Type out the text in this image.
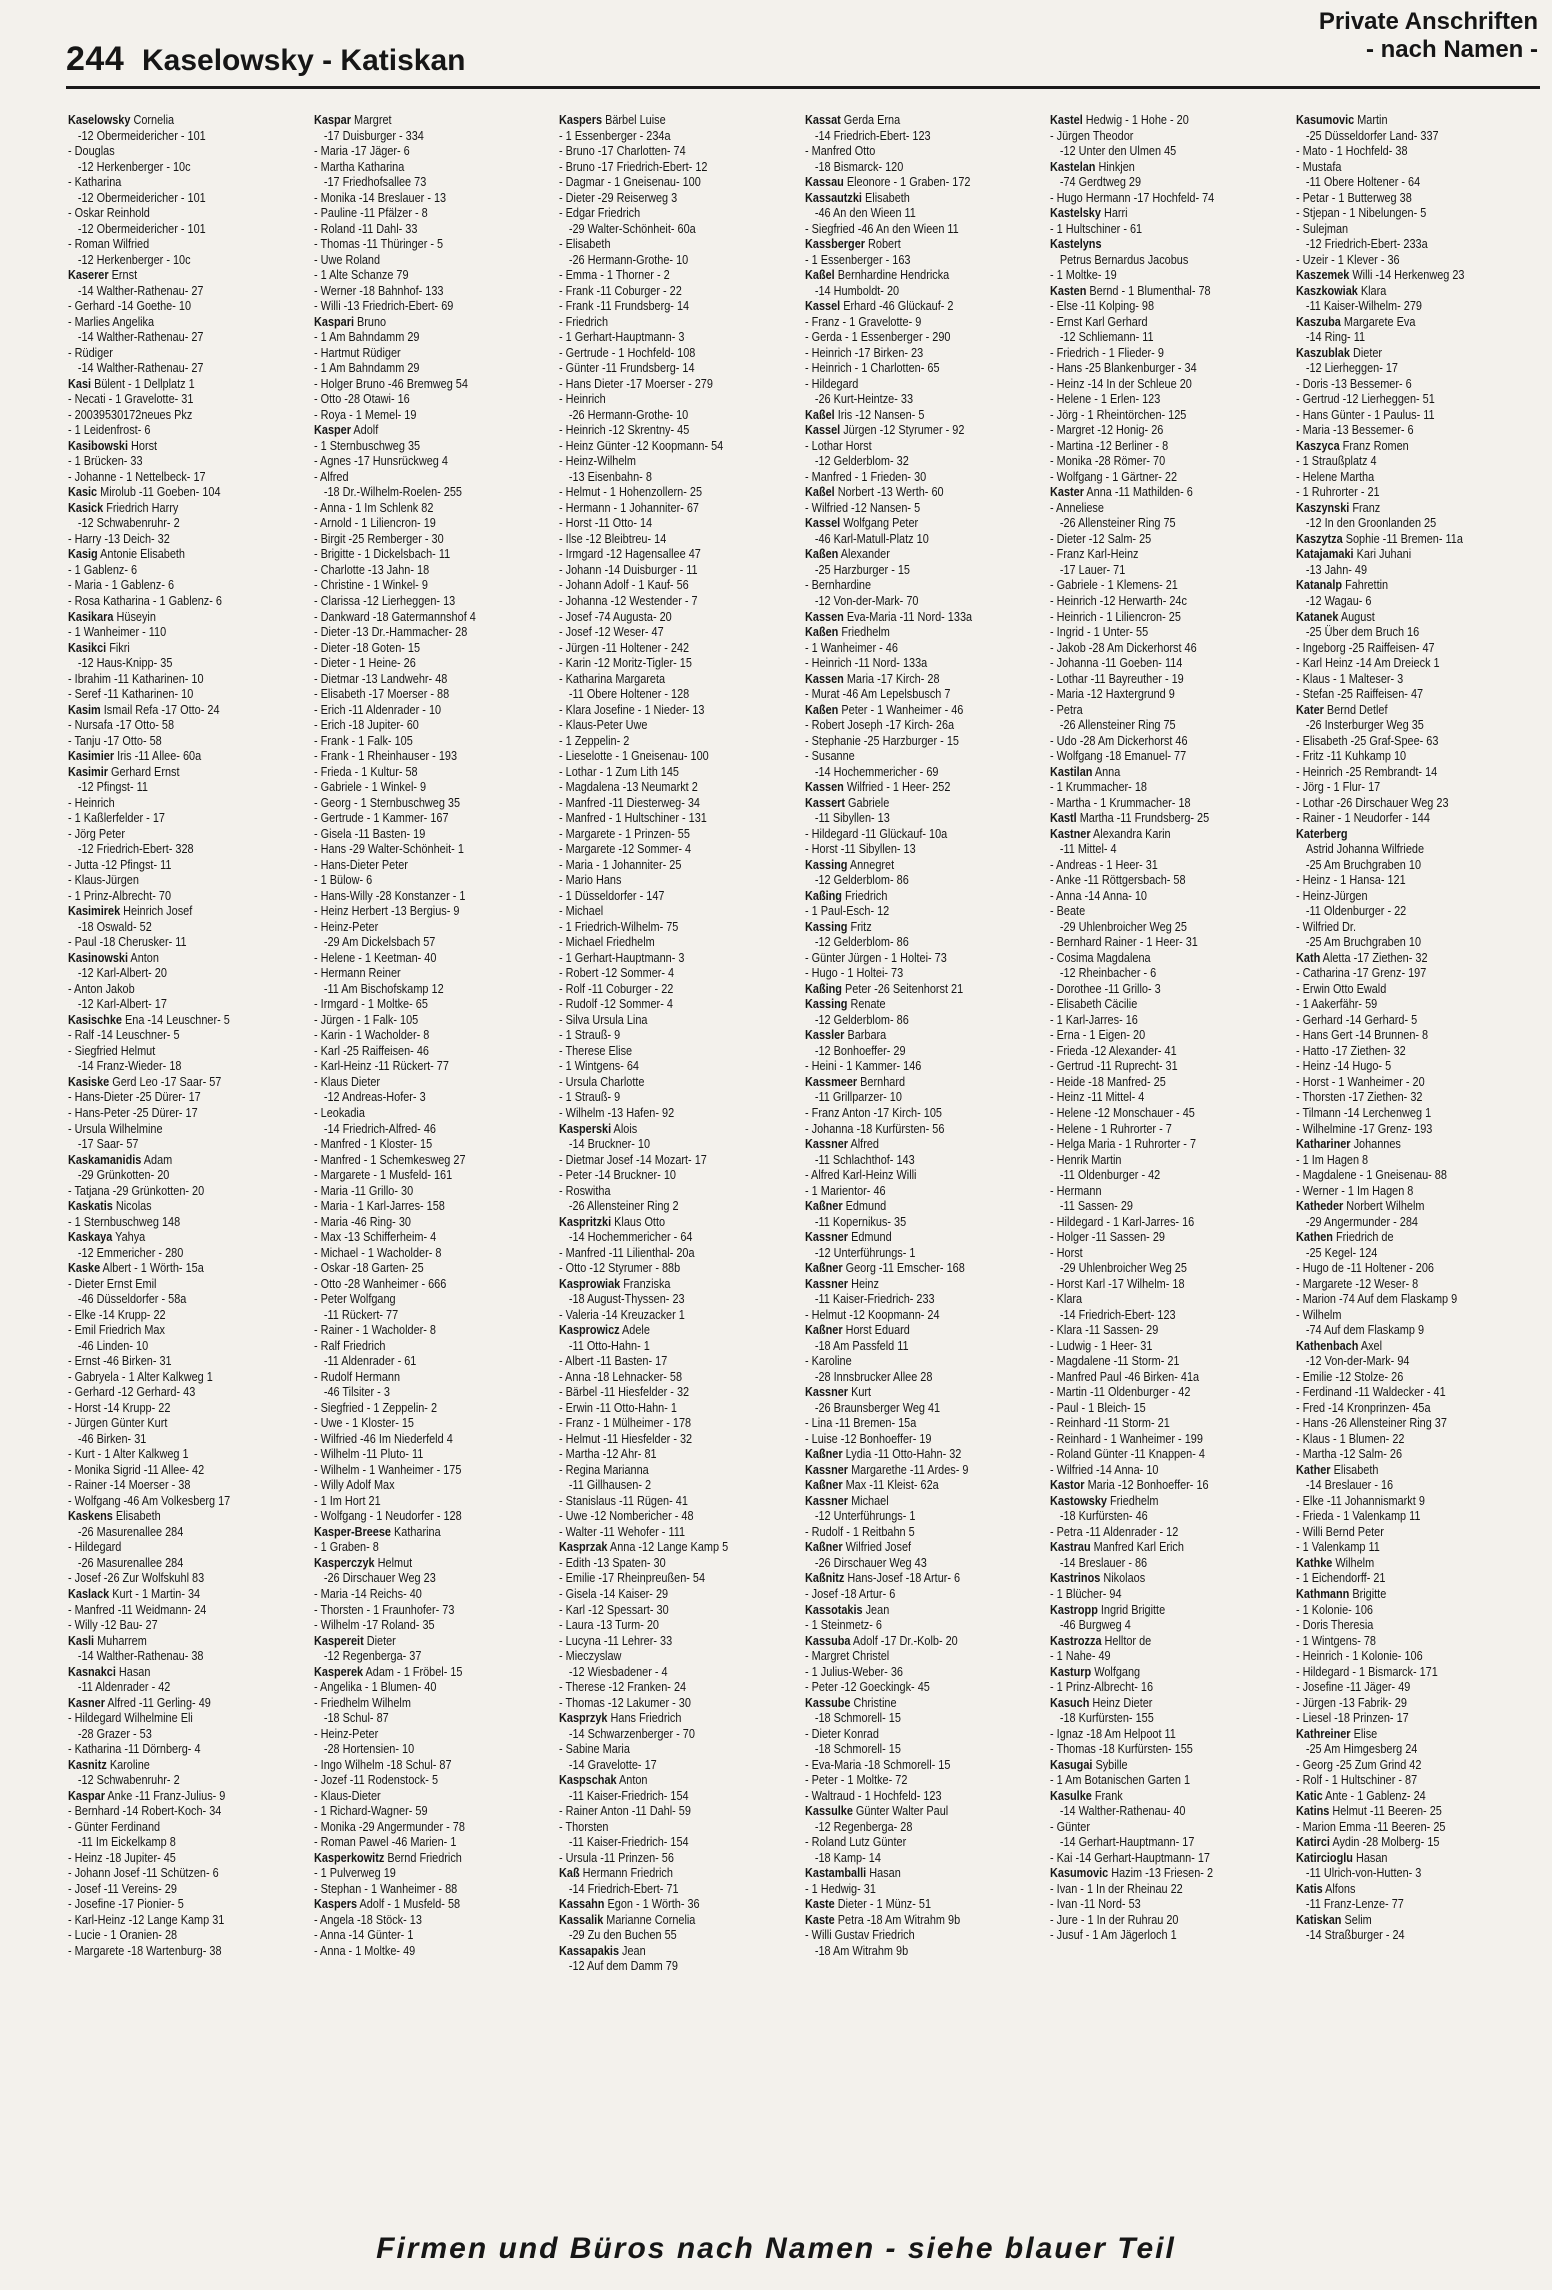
244 Kaselowsky - Katiskan
Private Anschriften
- nach Namen -
Kaselowsky Cornelia
-12 Obermeidericher - 101
- Douglas
-12 Herkenberger - 10c
- Katharina
-12 Obermeidericher - 101
- Oskar Reinhold
-12 Obermeidericher - 101
- Roman Wilfried
-12 Herkenberger - 10c
Kaserer Ernst
-14 Walther-Rathenau- 27
- Gerhard -14 Goethe- 10
- Marlies Angelika
-14 Walther-Rathenau- 27
- Rüdiger
-14 Walther-Rathenau- 27
Kasi Bülent - 1 Dellplatz 1
- Necati - 1 Gravelotte- 31
- 20039530172neues Pkz
- 1 Leidenfrost- 6
Kasibowski Horst
- 1 Brücken- 33
- Johanne - 1 Nettelbeck- 17
Kasic Mirolub -11 Goeben- 104
Kasick Friedrich Harry
-12 Schwabenruhr- 2
- Harry -13 Deich- 32
Kasig Antonie Elisabeth
- 1 Gablenz- 6
- Maria - 1 Gablenz- 6
- Rosa Katharina - 1 Gablenz- 6
Kasikara Hüseyin
- 1 Wanheimer - 110
Kasikci Fikri
-12 Haus-Knipp- 35
- Ibrahim -11 Katharinen- 10
- Seref -11 Katharinen- 10
Kasim Ismail Refa -17 Otto- 24
- Nursafa -17 Otto- 58
- Tanju -17 Otto- 58
Kasimier Iris -11 Allee- 60a
Kasimir Gerhard Ernst
-12 Pfingst- 11
- Heinrich
- 1 Kaßlerfelder - 17
- Jörg Peter
-12 Friedrich-Ebert- 328
- Jutta -12 Pfingst- 11
- Klaus-Jürgen
- 1 Prinz-Albrecht- 70
Kasimirek Heinrich Josef
-18 Oswald- 52
- Paul -18 Cherusker- 11
Kasinowski Anton
-12 Karl-Albert- 20
- Anton Jakob
-12 Karl-Albert- 17
Kasischke Ena -14 Leuschner- 5
- Ralf -14 Leuschner- 5
- Siegfried Helmut
-14 Franz-Wieder- 18
Kasiske Gerd Leo -17 Saar- 57
- Hans-Dieter -25 Dürer- 17
- Hans-Peter -25 Dürer- 17
- Ursula Wilhelmine
-17 Saar- 57
Kaskamanidis Adam
-29 Grünkotten- 20
- Tatjana -29 Grünkotten- 20
Kaskatis Nicolas
- 1 Sternbuschweg 148
Kaskaya Yahya
-12 Emmericher - 280
Kaske Albert - 1 Wörth- 15a
- Dieter Ernst Emil
-46 Düsseldorfer - 58a
- Elke -14 Krupp- 22
- Emil Friedrich Max
-46 Linden- 10
- Ernst -46 Birken- 31
- Gabryela - 1 Alter Kalkweg 1
- Gerhard -12 Gerhard- 43
- Horst -14 Krupp- 22
- Jürgen Günter Kurt
-46 Birken- 31
- Kurt - 1 Alter Kalkweg 1
- Monika Sigrid -11 Allee- 42
- Rainer -14 Moerser - 38
- Wolfgang -46 Am Volkesberg 17
Kaskens Elisabeth
-26 Masurenallee 284
- Hildegard
-26 Masurenallee 284
- Josef -26 Zur Wolfskuhl 83
Kaslack Kurt - 1 Martin- 34
- Manfred -11 Weidmann- 24
- Willy -12 Bau- 27
Kasli Muharrem
-14 Walther-Rathenau- 38
Kasnakci Hasan
-11 Aldenrader - 42
Kasner Alfred -11 Gerling- 49
- Hildegard Wilhelmine Eli
-28 Grazer - 53
- Katharina -11 Dörnberg- 4
Kasnitz Karoline
-12 Schwabenruhr- 2
Kaspar Anke -11 Franz-Julius- 9
- Bernhard -14 Robert-Koch- 34
- Günter Ferdinand
-11 Im Eickelkamp 8
- Heinz -18 Jupiter- 45
- Johann Josef -11 Schützen- 6
- Josef -11 Vereins- 29
- Josefine -17 Pionier- 5
- Karl-Heinz -12 Lange Kamp 31
- Lucie - 1 Oranien- 28
- Margarete -18 Wartenburg- 38
Kaspar Margret
-17 Duisburger - 334
- Maria -17 Jäger- 6
- Martha Katharina
-17 Friedhofsallee 73
- Monika -14 Breslauer - 13
- Pauline -11 Pfälzer - 8
- Roland -11 Dahl- 33
- Thomas -11 Thüringer - 5
- Uwe Roland
- 1 Alte Schanze 79
- Werner -18 Bahnhof- 133
- Willi -13 Friedrich-Ebert- 69
Kaspari Bruno
- 1 Am Bahndamm 29
- Hartmut Rüdiger
- 1 Am Bahndamm 29
- Holger Bruno -46 Bremweg 54
- Otto -28 Otawi- 16
- Roya - 1 Memel- 19
Kasper Adolf
- 1 Sternbuschweg 35
- Agnes -17 Hunsrückweg 4
- Alfred
-18 Dr.-Wilhelm-Roelen- 255
- Anna - 1 Im Schlenk 82
- Arnold - 1 Liliencron- 19
- Birgit -25 Remberger - 30
- Brigitte - 1 Dickelsbach- 11
- Charlotte -13 Jahn- 18
- Christine - 1 Winkel- 9
- Clarissa -12 Lierheggen- 13
- Dankward -18 Gatermannshof 4
- Dieter -13 Dr.-Hammacher- 28
- Dieter -18 Goten- 15
- Dieter - 1 Heine- 26
- Dietmar -13 Landwehr- 48
- Elisabeth -17 Moerser - 88
- Erich -11 Aldenrader - 10
- Erich -18 Jupiter- 60
- Frank - 1 Falk- 105
- Frank - 1 Rheinhauser - 193
- Frieda - 1 Kultur- 58
- Gabriele - 1 Winkel- 9
- Georg - 1 Sternbuschweg 35
- Gertrude - 1 Kammer- 167
- Gisela -11 Basten- 19
- Hans -29 Walter-Schönheit- 1
- Hans-Dieter Peter
- 1 Bülow- 6
- Hans-Willy -28 Konstanzer - 1
- Heinz Herbert -13 Bergius- 9
- Heinz-Peter
-29 Am Dickelsbach 57
- Helene - 1 Keetman- 40
- Hermann Reiner
-11 Am Bischofskamp 12
- Irmgard - 1 Moltke- 65
- Jürgen - 1 Falk- 105
- Karin - 1 Wacholder- 8
- Karl -25 Raiffeisen- 46
- Karl-Heinz -11 Rückert- 77
- Klaus Dieter
-12 Andreas-Hofer- 3
- Leokadia
-14 Friedrich-Alfred- 46
- Manfred - 1 Kloster- 15
- Manfred - 1 Schemkesweg 27
- Margarete - 1 Musfeld- 161
- Maria -11 Grillo- 30
- Maria - 1 Karl-Jarres- 158
- Maria -46 Ring- 30
- Max -13 Schifferheim- 4
- Michael - 1 Wacholder- 8
- Oskar -18 Garten- 25
- Otto -28 Wanheimer - 666
- Peter Wolfgang
-11 Rückert- 77
- Rainer - 1 Wacholder- 8
- Ralf Friedrich
-11 Aldenrader - 61
- Rudolf Hermann
-46 Tilsiter - 3
- Siegfried - 1 Zeppelin- 2
- Uwe - 1 Kloster- 15
- Wilfried -46 Im Niederfeld 4
- Wilhelm -11 Pluto- 11
- Wilhelm - 1 Wanheimer - 175
- Willy Adolf Max
- 1 Im Hort 21
- Wolfgang - 1 Neudorfer - 128
Kasper-Breese Katharina
- 1 Graben- 8
Kasperczyk Helmut
-26 Dirschauer Weg 23
- Maria -14 Reichs- 40
- Thorsten - 1 Fraunhofer- 73
- Wilhelm -17 Roland- 35
Kaspereit Dieter
-12 Regenberga- 37
Kasperek Adam - 1 Fröbel- 15
- Angelika - 1 Blumen- 40
- Friedhelm Wilhelm
-18 Schul- 87
- Heinz-Peter
-28 Hortensien- 10
- Ingo Wilhelm -18 Schul- 87
- Jozef -11 Rodenstock- 5
- Klaus-Dieter
- 1 Richard-Wagner- 59
- Monika -29 Angermunder - 78
- Roman Pawel -46 Marien- 1
Kasperkowitz Bernd Friedrich
- 1 Pulverweg 19
- Stephan - 1 Wanheimer - 88
Kaspers Adolf - 1 Musfeld- 58
- Angela -18 Stöck- 13
- Anna -14 Günter- 1
- Anna - 1 Moltke- 49
Kaspers Bärbel Luise
- 1 Essenberger - 234a
- Bruno -17 Charlotten- 74
- Bruno -17 Friedrich-Ebert- 12
- Dagmar - 1 Gneisenau- 100
- Dieter -29 Reiserweg 3
- Edgar Friedrich
-29 Walter-Schönheit- 60a
- Elisabeth
-26 Hermann-Grothe- 10
- Emma - 1 Thorner - 2
- Frank -11 Coburger - 22
- Frank -11 Frundsberg- 14
- Friedrich
- 1 Gerhart-Hauptmann- 3
- Gertrude - 1 Hochfeld- 108
- Günter -11 Frundsberg- 14
- Hans Dieter -17 Moerser - 279
- Heinrich
-26 Hermann-Grothe- 10
- Heinrich -12 Skrentny- 45
- Heinz Günter -12 Koopmann- 54
- Heinz-Wilhelm
-13 Eisenbahn- 8
- Helmut - 1 Hohenzollern- 25
- Hermann - 1 Johanniter- 67
- Horst -11 Otto- 14
- Ilse -12 Bleibtreu- 14
- Irmgard -12 Hagensallee 47
- Johann -14 Duisburger - 11
- Johann Adolf - 1 Kauf- 56
- Johanna -12 Westender - 7
- Josef -74 Augusta- 20
- Josef -12 Weser- 47
- Jürgen -11 Holtener - 242
- Karin -12 Moritz-Tigler- 15
- Katharina Margareta
-11 Obere Holtener - 128
- Klara Josefine - 1 Nieder- 13
- Klaus-Peter Uwe
- 1 Zeppelin- 2
- Lieselotte - 1 Gneisenau- 100
- Lothar - 1 Zum Lith 145
- Magdalena -13 Neumarkt 2
- Manfred -11 Diesterweg- 34
- Manfred - 1 Hultschiner - 131
- Margarete - 1 Prinzen- 55
- Margarete -12 Sommer- 4
- Maria - 1 Johanniter- 25
- Mario Hans
- 1 Düsseldorfer - 147
- Michael
- 1 Friedrich-Wilhelm- 75
- Michael Friedhelm
- 1 Gerhart-Hauptmann- 3
- Robert -12 Sommer- 4
- Rolf -11 Coburger - 22
- Rudolf -12 Sommer- 4
- Silva Ursula Lina
- 1 Strauß- 9
- Therese Elise
- 1 Wintgens- 64
- Ursula Charlotte
- 1 Strauß- 9
- Wilhelm -13 Hafen- 92
Kasperski Alois
-14 Bruckner- 10
- Dietmar Josef -14 Mozart- 17
- Peter -14 Bruckner- 10
- Roswitha
-26 Allensteiner Ring 2
Kaspritzki Klaus Otto
-14 Hochemmericher - 64
- Manfred -11 Lilienthal- 20a
- Otto -12 Styrumer - 88b
Kasprowiak Franziska
-18 August-Thyssen- 23
- Valeria -14 Kreuzacker 1
Kasprowicz Adele
-11 Otto-Hahn- 1
- Albert -11 Basten- 17
- Anna -18 Lehnacker- 58
- Bärbel -11 Hiesfelder - 32
- Erwin -11 Otto-Hahn- 1
- Franz - 1 Mülheimer - 178
- Helmut -11 Hiesfelder - 32
- Martha -12 Ahr- 81
- Regina Marianna
-11 Gillhausen- 2
- Stanislaus -11 Rügen- 41
- Uwe -12 Nombericher - 48
- Walter -11 Wehofer - 111
Kasprzak Anna -12 Lange Kamp 5
- Edith -13 Spaten- 30
- Emilie -17 Rheinpreußen- 54
- Gisela -14 Kaiser- 29
- Karl -12 Spessart- 30
- Laura -13 Turm- 20
- Lucyna -11 Lehrer- 33
- Mieczyslaw
-12 Wiesbadener - 4
- Therese -12 Franken- 24
- Thomas -12 Lakumer - 30
Kasprzyk Hans Friedrich
-14 Schwarzenberger - 70
- Sabine Maria
-14 Gravelotte- 17
Kaspschak Anton
-11 Kaiser-Friedrich- 154
- Rainer Anton -11 Dahl- 59
- Thorsten
-11 Kaiser-Friedrich- 154
- Ursula -11 Prinzen- 56
Kaß Hermann Friedrich
-14 Friedrich-Ebert- 71
Kassahn Egon - 1 Wörth- 36
Kassalik Marianne Cornelia
-29 Zu den Buchen 55
Kassapakis Jean
-12 Auf dem Damm 79
Kassat Gerda Erna
-14 Friedrich-Ebert- 123
- Manfred Otto
-18 Bismarck- 120
Kassau Eleonore - 1 Graben- 172
Kassautzki Elisabeth
-46 An den Wieen 11
- Siegfried -46 An den Wieen 11
Kassberger Robert
- 1 Essenberger - 163
Kaßel Bernhardine Hendricka
-14 Humboldt- 20
Kassel Erhard -46 Glückauf- 2
- Franz - 1 Gravelotte- 9
- Gerda - 1 Essenberger - 290
- Heinrich -17 Birken- 23
- Heinrich - 1 Charlotten- 65
- Hildegard
-26 Kurt-Heintze- 33
Kaßel Iris -12 Nansen- 5
Kassel Jürgen -12 Styrumer - 92
- Lothar Horst
-12 Gelderblom- 32
- Manfred - 1 Frieden- 30
Kaßel Norbert -13 Werth- 60
- Wilfried -12 Nansen- 5
Kassel Wolfgang Peter
-46 Karl-Matull-Platz 10
Kaßen Alexander
-25 Harzburger - 15
- Bernhardine
-12 Von-der-Mark- 70
Kassen Eva-Maria -11 Nord- 133a
Kaßen Friedhelm
- 1 Wanheimer - 46
- Heinrich -11 Nord- 133a
Kassen Maria -17 Kirch- 28
- Murat -46 Am Lepelsbusch 7
Kaßen Peter - 1 Wanheimer - 46
- Robert Joseph -17 Kirch- 26a
- Stephanie -25 Harzburger - 15
- Susanne
-14 Hochemmericher - 69
Kassen Wilfried - 1 Heer- 252
Kassert Gabriele
-11 Sibyllen- 13
- Hildegard -11 Glückauf- 10a
- Horst -11 Sibyllen- 13
Kassing Annegret
-12 Gelderblom- 86
Kaßing Friedrich
- 1 Paul-Esch- 12
Kassing Fritz
-12 Gelderblom- 86
- Günter Jürgen - 1 Holtei- 73
- Hugo - 1 Holtei- 73
Kaßing Peter -26 Seitenhorst 21
Kassing Renate
-12 Gelderblom- 86
Kassler Barbara
-12 Bonhoeffer- 29
- Heini - 1 Kammer- 146
Kassmeer Bernhard
-11 Grillparzer- 10
- Franz Anton -17 Kirch- 105
- Johanna -18 Kurfürsten- 56
Kassner Alfred
-11 Schlachthof- 143
- Alfred Karl-Heinz Willi
- 1 Marientor- 46
Kaßner Edmund
-11 Kopernikus- 35
Kassner Edmund
-12 Unterführungs- 1
Kaßner Georg -11 Emscher- 168
Kassner Heinz
-11 Kaiser-Friedrich- 233
- Helmut -12 Koopmann- 24
Kaßner Horst Eduard
-18 Am Passfeld 11
- Karoline
-28 Innsbrucker Allee 28
Kassner Kurt
-26 Braunsberger Weg 41
- Lina -11 Bremen- 15a
- Luise -12 Bonhoeffer- 19
Kaßner Lydia -11 Otto-Hahn- 32
Kassner Margarethe -11 Ardes- 9
Kaßner Max -11 Kleist- 62a
Kassner Michael
-12 Unterführungs- 1
- Rudolf - 1 Reitbahn 5
Kaßner Wilfried Josef
-26 Dirschauer Weg 43
Kaßnitz Hans-Josef -18 Artur- 6
- Josef -18 Artur- 6
Kassotakis Jean
- 1 Steinmetz- 6
Kassuba Adolf -17 Dr.-Kolb- 20
- Margret Christel
- 1 Julius-Weber- 36
- Peter -12 Goeckingk- 45
Kassube Christine
-18 Schmorell- 15
- Dieter Konrad
-18 Schmorell- 15
- Eva-Maria -18 Schmorell- 15
- Peter - 1 Moltke- 72
- Waltraud - 1 Hochfeld- 123
Kassulke Günter Walter Paul
-12 Regenberga- 28
- Roland Lutz Günter
-18 Kamp- 14
Kastamballi Hasan
- 1 Hedwig- 31
Kaste Dieter - 1 Münz- 51
Kaste Petra -18 Am Witrahm 9b
- Willi Gustav Friedrich
-18 Am Witrahm 9b
Kastel Hedwig - 1 Hohe - 20
- Jürgen Theodor
-12 Unter den Ulmen 45
Kastelan Hinkjen
-74 Gerdtweg 29
- Hugo Hermann -17 Hochfeld- 74
Kastelsky Harri
- 1 Hultschiner - 61
Kastelyns
Petrus Bernardus Jacobus
- 1 Moltke- 19
Kasten Bernd - 1 Blumenthal- 78
- Else -11 Kolping- 98
- Ernst Karl Gerhard
-12 Schliemann- 11
- Friedrich - 1 Flieder- 9
- Hans -25 Blankenburger - 34
- Heinz -14 In der Schleue 20
- Helene - 1 Erlen- 123
- Jörg - 1 Rheintörchen- 125
- Margret -12 Honig- 26
- Martina -12 Berliner - 8
- Monika -28 Römer- 70
- Wolfgang - 1 Gärtner- 22
Kaster Anna -11 Mathilden- 6
- Anneliese
-26 Allensteiner Ring 75
- Dieter -12 Salm- 25
- Franz Karl-Heinz
-17 Lauer- 71
- Gabriele - 1 Klemens- 21
- Heinrich -12 Herwarth- 24c
- Heinrich - 1 Liliencron- 25
- Ingrid - 1 Unter- 55
- Jakob -28 Am Dickerhorst 46
- Johanna -11 Goeben- 114
- Lothar -11 Bayreuther - 19
- Maria -12 Haxtergrund 9
- Petra
-26 Allensteiner Ring 75
- Udo -28 Am Dickerhorst 46
- Wolfgang -18 Emanuel- 77
Kastilan Anna
- 1 Krummacher- 18
- Martha - 1 Krummacher- 18
Kastl Martha -11 Frundsberg- 25
Kastner Alexandra Karin
-11 Mittel- 4
- Andreas - 1 Heer- 31
- Anke -11 Röttgersbach- 58
- Anna -14 Anna- 10
- Beate
-29 Uhlenbroicher Weg 25
- Bernhard Rainer - 1 Heer- 31
- Cosima Magdalena
-12 Rheinbacher - 6
- Dorothee -11 Grillo- 3
- Elisabeth Cäcilie
- 1 Karl-Jarres- 16
- Erna - 1 Eigen- 20
- Frieda -12 Alexander- 41
- Gertrud -11 Ruprecht- 31
- Heide -18 Manfred- 25
- Heinz -11 Mittel- 4
- Helene -12 Monschauer - 45
- Helene - 1 Ruhrorter - 7
- Helga Maria - 1 Ruhrorter - 7
- Henrik Martin
-11 Oldenburger - 42
- Hermann
-11 Sassen- 29
- Hildegard - 1 Karl-Jarres- 16
- Holger -11 Sassen- 29
- Horst
-29 Uhlenbroicher Weg 25
- Horst Karl -17 Wilhelm- 18
- Klara
-14 Friedrich-Ebert- 123
- Klara -11 Sassen- 29
- Ludwig - 1 Heer- 31
- Magdalene -11 Storm- 21
- Manfred Paul -46 Birken- 41a
- Martin -11 Oldenburger - 42
- Paul - 1 Bleich- 15
- Reinhard -11 Storm- 21
- Reinhard - 1 Wanheimer - 199
- Roland Günter -11 Knappen- 4
- Wilfried -14 Anna- 10
Kastor Maria -12 Bonhoeffer- 16
Kastowsky Friedhelm
-18 Kurfürsten- 46
- Petra -11 Aldenrader - 12
Kastrau Manfred Karl Erich
-14 Breslauer - 86
Kastrinos Nikolaos
- 1 Blücher- 94
Kastropp Ingrid Brigitte
-46 Burgweg 4
Kastrozza Helltor de
- 1 Nahe- 49
Kasturp Wolfgang
- 1 Prinz-Albrecht- 16
Kasuch Heinz Dieter
-18 Kurfürsten- 155
- Ignaz -18 Am Helpoot 11
- Thomas -18 Kurfürsten- 155
Kasugai Sybille
- 1 Am Botanischen Garten 1
Kasulke Frank
-14 Walther-Rathenau- 40
- Günter
-14 Gerhart-Hauptmann- 17
- Kai -14 Gerhart-Hauptmann- 17
Kasumovic Hazim -13 Friesen- 2
- Ivan - 1 In der Rheinau 22
- Ivan -11 Nord- 53
- Jure - 1 In der Ruhrau 20
- Jusuf - 1 Am Jägerloch 1
Kasumovic Martin
-25 Düsseldorfer Land- 337
- Mato - 1 Hochfeld- 38
- Mustafa
-11 Obere Holtener - 64
- Petar - 1 Butterweg 38
- Stjepan - 1 Nibelungen- 5
- Sulejman
-12 Friedrich-Ebert- 233a
- Uzeir - 1 Klever - 36
Kaszemek Willi -14 Herkenweg 23
Kaszkowiak Klara
-11 Kaiser-Wilhelm- 279
Kaszuba Margarete Eva
-14 Ring- 11
Kaszublak Dieter
-12 Lierheggen- 17
- Doris -13 Bessemer- 6
- Gertrud -12 Lierheggen- 51
- Hans Günter - 1 Paulus- 11
- Maria -13 Bessemer- 6
Kaszyca Franz Romen
- 1 Straußplatz 4
- Helene Martha
- 1 Ruhrorter - 21
Kaszynski Franz
-12 In den Groonlanden 25
Kaszytza Sophie -11 Bremen- 11a
Katajamaki Kari Juhani
-13 Jahn- 49
Katanalp Fahrettin
-12 Wagau- 6
Katanek August
-25 Über dem Bruch 16
- Ingeborg -25 Raiffeisen- 47
- Karl Heinz -14 Am Dreieck 1
- Klaus - 1 Malteser- 3
- Stefan -25 Raiffeisen- 47
Kater Bernd Detlef
-26 Insterburger Weg 35
- Elisabeth -25 Graf-Spee- 63
- Fritz -11 Kuhkamp 10
- Heinrich -25 Rembrandt- 14
- Jörg - 1 Flur- 17
- Lothar -26 Dirschauer Weg 23
- Rainer - 1 Neudorfer - 144
Katerberg
Astrid Johanna Wilfriede
-25 Am Bruchgraben 10
- Heinz - 1 Hansa- 121
- Heinz-Jürgen
-11 Oldenburger - 22
- Wilfried Dr.
-25 Am Bruchgraben 10
Kath Aletta -17 Ziethen- 32
- Catharina -17 Grenz- 197
- Erwin Otto Ewald
- 1 Aakerfähr- 59
- Gerhard -14 Gerhard- 5
- Hans Gert -14 Brunnen- 8
- Hatto -17 Ziethen- 32
- Heinz -14 Hugo- 5
- Horst - 1 Wanheimer - 20
- Thorsten -17 Ziethen- 32
- Tilmann -14 Lerchenweg 1
- Wilhelmine -17 Grenz- 193
Kathariner Johannes
- 1 Im Hagen 8
- Magdalene - 1 Gneisenau- 88
- Werner - 1 Im Hagen 8
Katheder Norbert Wilhelm
-29 Angermunder - 284
Kathen Friedrich de
-25 Kegel- 124
- Hugo de -11 Holtener - 206
- Margarete -12 Weser- 8
- Marion -74 Auf dem Flaskamp 9
- Wilhelm
-74 Auf dem Flaskamp 9
Kathenbach Axel
-12 Von-der-Mark- 94
- Emilie -12 Stolze- 26
- Ferdinand -11 Waldecker - 41
- Fred -14 Kronprinzen- 45a
- Hans -26 Allensteiner Ring 37
- Klaus - 1 Blumen- 22
- Martha -12 Salm- 26
Kather Elisabeth
-14 Breslauer - 16
- Elke -11 Johannismarkt 9
- Frieda - 1 Valenkamp 11
- Willi Bernd Peter
- 1 Valenkamp 11
Kathke Wilhelm
- 1 Eichendorff- 21
Kathmann Brigitte
- 1 Kolonie- 106
- Doris Theresia
- 1 Wintgens- 78
- Heinrich - 1 Kolonie- 106
- Hildegard - 1 Bismarck- 171
- Josefine -11 Jäger- 49
- Jürgen -13 Fabrik- 29
- Liesel -18 Prinzen- 17
Kathreiner Elise
-25 Am Himgesberg 24
- Georg -25 Zum Grind 42
- Rolf - 1 Hultschiner - 87
Katic Ante - 1 Gablenz- 24
Katins Helmut -11 Beeren- 25
- Marion Emma -11 Beeren- 25
Katirci Aydin -28 Molberg- 15
Katircioglu Hasan
-11 Ulrich-von-Hutten- 3
Katis Alfons
-11 Franz-Lenze- 77
Katiskan Selim
-14 Straßburger - 24
Firmen und Büros nach Namen - siehe blauer Teil
